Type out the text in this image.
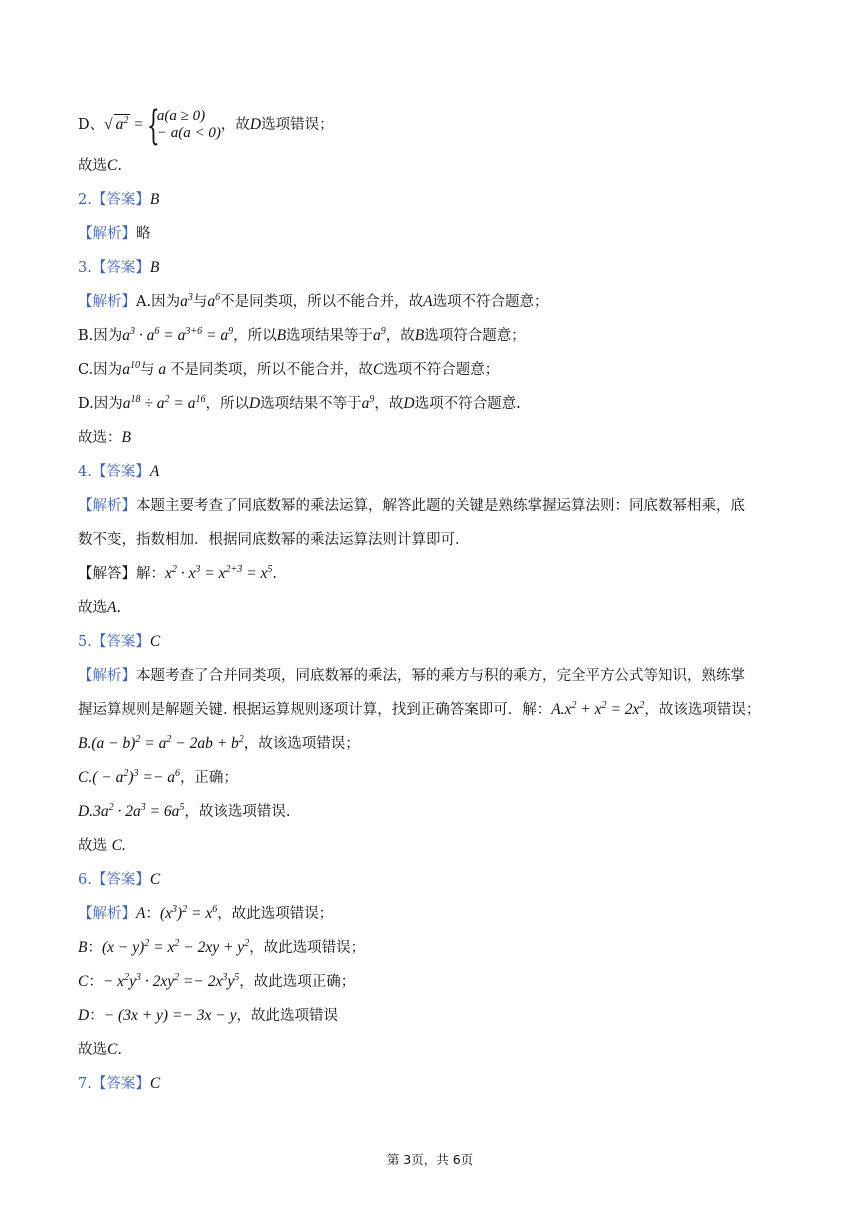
D、√ $a^2$ = {
a(a ≥ 0)
− a(a < 0) ，故D选项错误；
故选C.
2.【答案】B
【解析】略
3.【答案】B
【解析】A.因为$a^3$与$a^6$不是同类项，所以不能合并，故A选项不符合题意；
B.因为$a^3 \cdot a^6 = a^{3+6} = a^9$，所以B选项结果等于$a^9$，故B选项符合题意；
C.因为$a^{10}$与 a 不是同类项，所以不能合并，故C选项不符合题意；
D.因为$a^{18} \div a^2 = a^{16}$，所以D选项结果不等于$a^9$，故D选项不符合题意.
故选：B
4.【答案】A
【解析】本题主要考查了同底数幂的乘法运算，解答此题的关键是熟练掌握运算法则：同底数幂相乘，底
数不变，指数相加．根据同底数幂的乘法运算法则计算即可．
【解答】解：$x^2 \cdot x^3 = x^{2+3} = x^5$.
故选A.
5.【答案】C
【解析】本题考查了合并同类项，同底数幂的乘法，幂的乘方与积的乘方，完全平方公式等知识，熟练掌
握运算规则是解题关键. 根据运算规则逐项计算，找到正确答案即可．解：$A.x^2 + x^2 = 2x^2$，故该选项错误；
$B.(a - b)^2 = a^2 - 2ab + b^2$，故该选项错误；
$C.( - a^2)^3 =- a^6$，正确；
$D.3a^2 \cdot 2a^3 = 6a^5$，故该选项错误.
故选 C.
6.【答案】C
【解析】A：$(x^3)^2 = x^6$，故此选项错误；
B：$(x - y)^2 = x^2 - 2xy + y^2$，故此选项错误；
C：− $x^2y^3 \cdot 2xy^2 =- 2x^3y^5$，故此选项正确；
D：− (3x + y) =− 3x − y，故此选项错误
故选C.
7.【答案】C
第 3页，共 6页
